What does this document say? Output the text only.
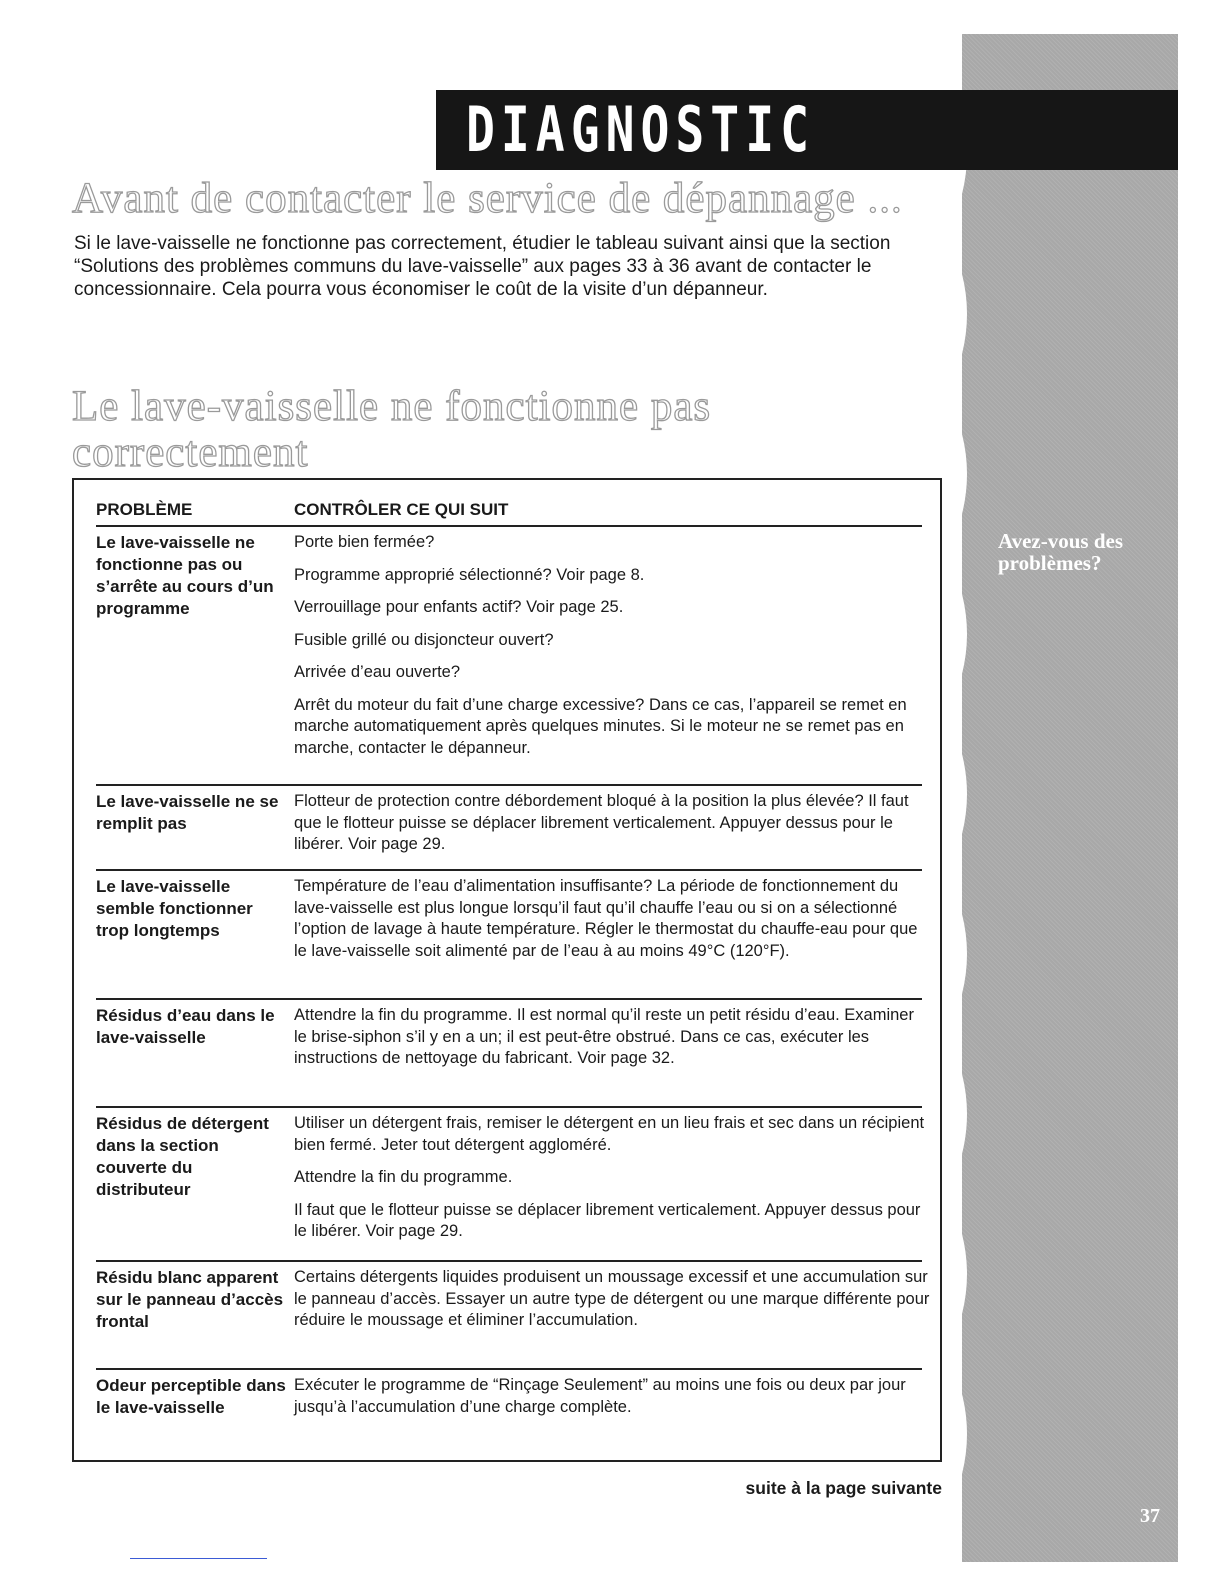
Avez-vous des problèmes?
37
DIAGNOSTIC
Avant de contacter le service de dépannage ...

Si le lave-vaisselle ne fonctionne pas correctement, étudier le tableau suivant ainsi que la section “Solutions des problèmes communs du lave-vaisselle” aux pages 33 à 36 avant de contacter le concessionnaire. Cela pourra vous économiser le coût de la visite d’un dépanneur.

Le lave-vaisselle ne fonctionne pas
correctement
PROBLÈME	CONTRÔLER CE QUI SUIT

Le lave-vaisselle ne fonctionne pas ou s’arrête au cours d’un programme

Porte bien fermée?

Programme approprié sélectionné? Voir page 8.

Verrouillage pour enfants actif? Voir page 25.

Fusible grillé ou disjoncteur ouvert?

Arrivée d’eau ouverte?

Arrêt du moteur du fait d’une charge excessive? Dans ce cas, l’appareil se remet en marche automatiquement après quelques minutes. Si le moteur ne se remet pas en marche, contacter le dépanneur.

Le lave-vaisselle ne se remplit pas

Flotteur de protection contre débordement bloqué à la position la plus élevée? Il faut que le flotteur puisse se déplacer librement verticalement. Appuyer dessus pour le libérer. Voir page 29.

Le lave-vaisselle semble fonctionner trop longtemps

Température de l’eau d’alimentation insuffisante? La période de fonctionnement du lave-vaisselle est plus longue lorsqu’il faut qu’il chauffe l’eau ou si on a sélectionné l’option de lavage à haute température. Régler le thermostat du chauffe-eau pour que le lave-vaisselle soit alimenté par de l’eau à au moins 49°C (120°F).

Résidus d’eau dans le lave-vaisselle

Attendre la fin du programme. Il est normal qu’il reste un petit résidu d’eau. Examiner le brise-siphon s’il y en a un; il est peut-être obstrué. Dans ce cas, exécuter les instructions de nettoyage du fabricant. Voir page 32.

Résidus de détergent dans la section couverte du distributeur

Utiliser un détergent frais, remiser le détergent en un lieu frais et sec dans un récipient bien fermé. Jeter tout détergent aggloméré.

Attendre la fin du programme.

Il faut que le flotteur puisse se déplacer librement verticalement. Appuyer dessus pour le libérer. Voir page 29.

Résidu blanc apparent sur le panneau d’accès frontal

Certains détergents liquides produisent un moussage excessif et une accumulation sur le panneau d’accès. Essayer un autre type de détergent ou une marque différente pour réduire le moussage et éliminer l’accumulation.

Odeur perceptible dans le lave-vaisselle

Exécuter le programme de “Rinçage Seulement” au moins une fois ou deux par jour jusqu’à l’accumulation d’une charge complète.

suite à la page suivante
